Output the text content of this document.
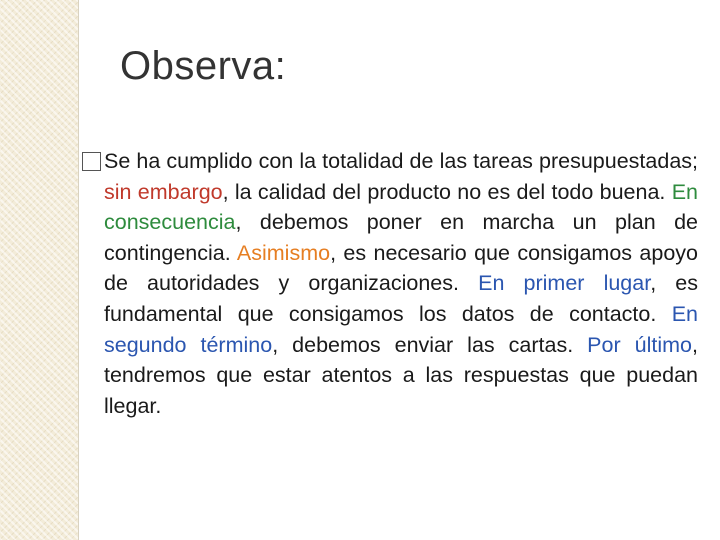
Observa:

Se ha cumplido con la totalidad de las tareas presupuestadas; sin embargo, la calidad del producto no es del todo buena. En consecuencia, debemos poner en marcha un plan de contingencia. Asimismo, es necesario que consigamos apoyo de autoridades y organizaciones. En primer lugar, es fundamental que consigamos los datos de contacto. En segundo término, debemos enviar las cartas. Por último, tendremos que estar atentos a las respuestas que puedan llegar.
